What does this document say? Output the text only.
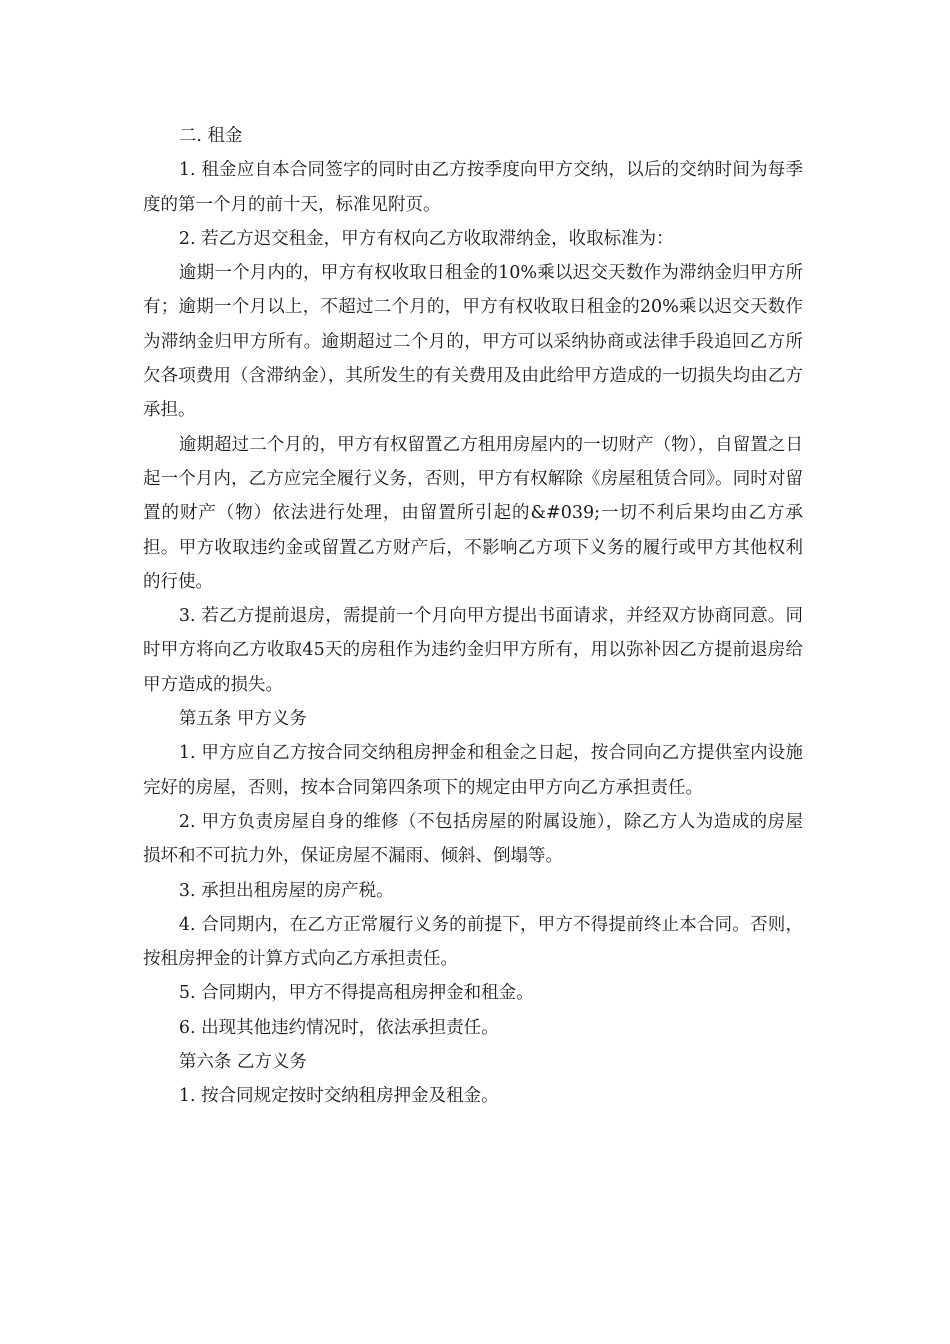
二. 租金

1. 租金应自本合同签字的同时由乙方按季度向甲方交纳，以后的交纳时间为每季度的第一个月的前十天，标准见附页。

2. 若乙方迟交租金，甲方有权向乙方收取滞纳金，收取标准为：

逾期一个月内的，甲方有权收取日租金的10%乘以迟交天数作为滞纳金归甲方所有；逾期一个月以上，不超过二个月的，甲方有权收取日租金的20%乘以迟交天数作为滞纳金归甲方所有。逾期超过二个月的，甲方可以采纳协商或法律手段追回乙方所欠各项费用（含滞纳金），其所发生的有关费用及由此给甲方造成的一切损失均由乙方承担。

逾期超过二个月的，甲方有权留置乙方租用房屋内的一切财产（物），自留置之日起一个月内，乙方应完全履行义务，否则，甲方有权解除《房屋租赁合同》。同时对留置的财产（物）依法进行处理，由留置所引起的&#039;一切不利后果均由乙方承担。甲方收取违约金或留置乙方财产后，不影响乙方项下义务的履行或甲方其他权利的行使。

3. 若乙方提前退房，需提前一个月向甲方提出书面请求，并经双方协商同意。同时甲方将向乙方收取45天的房租作为违约金归甲方所有，用以弥补因乙方提前退房给甲方造成的损失。

第五条 甲方义务

1. 甲方应自乙方按合同交纳租房押金和租金之日起，按合同向乙方提供室内设施完好的房屋，否则，按本合同第四条项下的规定由甲方向乙方承担责任。

2. 甲方负责房屋自身的维修（不包括房屋的附属设施），除乙方人为造成的房屋损坏和不可抗力外，保证房屋不漏雨、倾斜、倒塌等。

3. 承担出租房屋的房产税。

4. 合同期内，在乙方正常履行义务的前提下，甲方不得提前终止本合同。否则，按租房押金的计算方式向乙方承担责任。

5. 合同期内，甲方不得提高租房押金和租金。

6. 出现其他违约情况时，依法承担责任。

第六条 乙方义务

1. 按合同规定按时交纳租房押金及租金。
